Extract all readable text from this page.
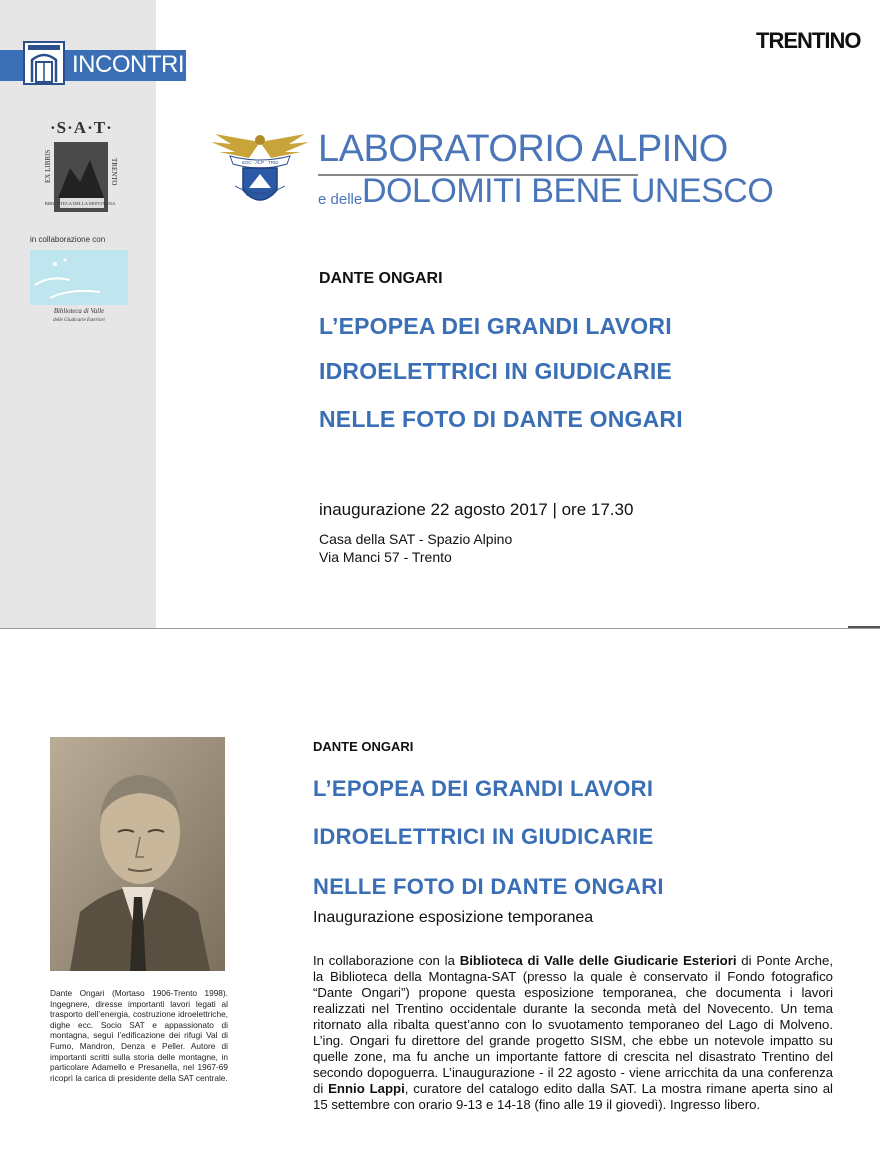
INCONTRI
·S·A·T·
EX LIBRIS	TRENTO
BIBLIOTECA DELLA MONTAGNA
in collaborazione con
Biblioteca di Valle
delle Giudicarie Esteriori
TRENTINO
SOC · ALP · TRID
EXCELSIOR
LABORATORIO ALPINO
e delle DOLOMITI BENE UNESCO
DANTE ONGARI
L’EPOPEA DEI GRANDI LAVORI
IDROELETTRICI IN GIUDICARIE
NELLE FOTO DI DANTE ONGARI
inaugurazione 22 agosto 2017 | ore 17.30
Casa della SAT - Spazio Alpino
Via Manci 57 - Trento
Dante Ongari (Mortaso 1906-Trento 1998). Ingegnere, diresse importanti lavori legati al trasporto dell’energia, costruzione idroelettriche, dighe ecc. Socio SAT e appassionato di montagna, seguì l’edificazione dei rifugi Val di Fumo, Mandron, Denza e Peller. Autore di importanti scritti sulla storia delle montagne, in particolare Adamello e Presanella, nel 1967-69 ricoprì la carica di presidente della SAT centrale.
DANTE ONGARI
L’EPOPEA DEI GRANDI LAVORI
IDROELETTRICI IN GIUDICARIE
NELLE FOTO DI DANTE ONGARI
Inaugurazione esposizione temporanea
In collaborazione con la Biblioteca di Valle delle Giudicarie Esteriori di Ponte Arche, la Biblioteca della Montagna-SAT (presso la quale è conservato il Fondo fotografico “Dante Ongari”) propone questa esposizione temporanea, che documenta i lavori realizzati nel Trentino occidentale durante la seconda metà del Novecento. Un tema ritornato alla ribalta quest’anno con lo svuotamento temporaneo del Lago di Molveno. L’ing. Ongari fu direttore del grande progetto SISM, che ebbe un notevole impatto su quelle zone, ma fu anche un importante fattore di crescita nel disastrato Trentino del secondo dopoguerra. L’inaugurazione - il 22 agosto - viene arricchita da una conferenza di Ennio Lappi, curatore del catalogo edito dalla SAT. La mostra rimane aperta sino al 15 settembre con orario 9-13 e 14-18 (fino alle 19 il giovedì). Ingresso libero.
